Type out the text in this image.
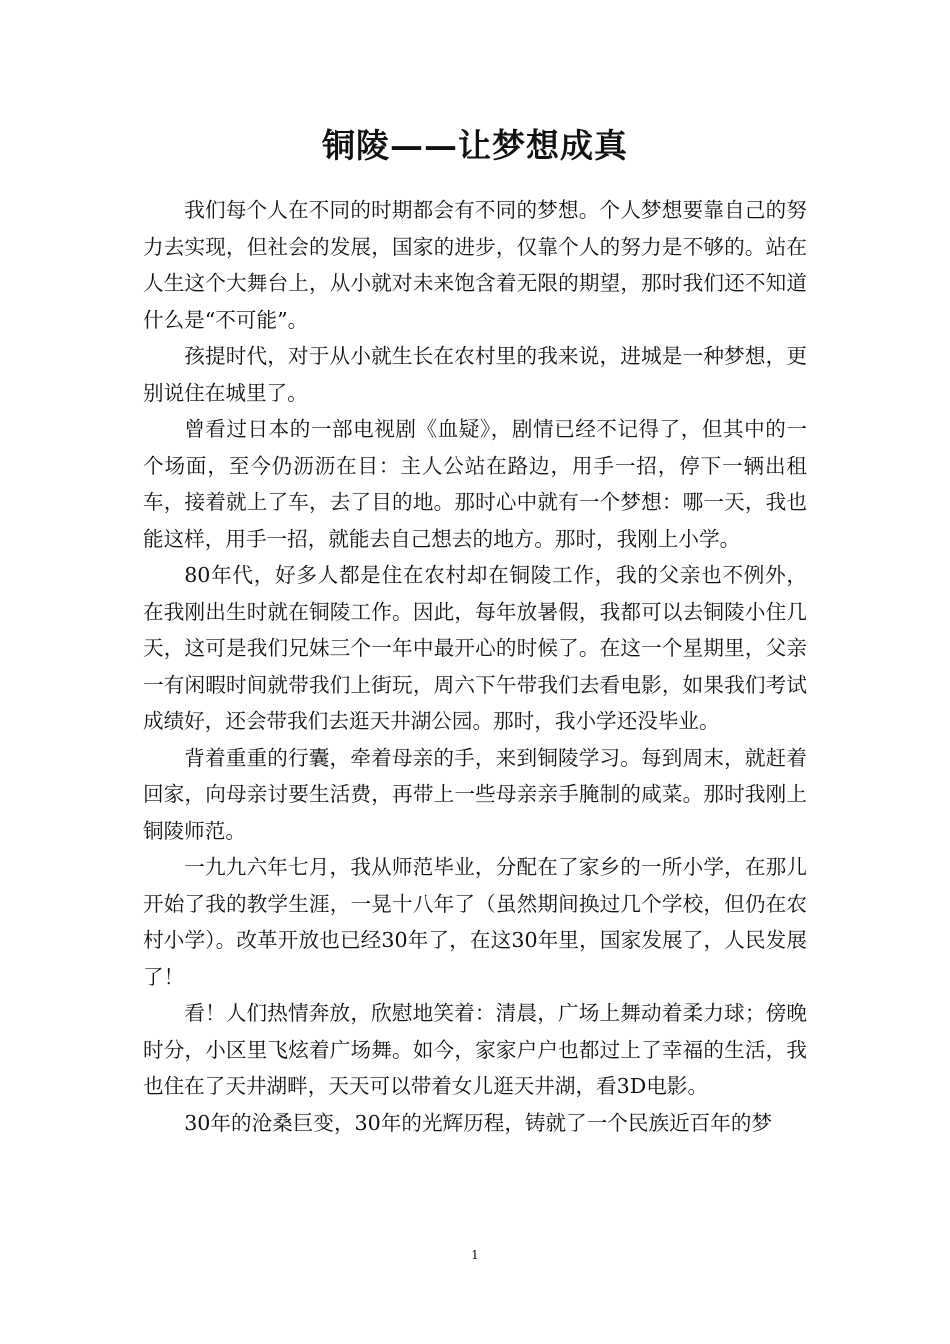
铜陵——让梦想成真

我们每个人在不同的时期都会有不同的梦想。个人梦想要靠自己的努力去实现，但社会的发展，国家的进步，仅靠个人的努力是不够的。站在人生这个大舞台上，从小就对未来饱含着无限的期望，那时我们还不知道什么是“不可能”。

孩提时代，对于从小就生长在农村里的我来说，进城是一种梦想，更别说住在城里了。

曾看过日本的一部电视剧《血疑》，剧情已经不记得了，但其中的一个场面，至今仍沥沥在目：主人公站在路边，用手一招，停下一辆出租车，接着就上了车，去了目的地。那时心中就有一个梦想：哪一天，我也能这样，用手一招，就能去自己想去的地方。那时，我刚上小学。

80年代，好多人都是住在农村却在铜陵工作，我的父亲也不例外，在我刚出生时就在铜陵工作。因此，每年放暑假，我都可以去铜陵小住几天，这可是我们兄妹三个一年中最开心的时候了。在这一个星期里，父亲一有闲暇时间就带我们上街玩，周六下午带我们去看电影，如果我们考试成绩好，还会带我们去逛天井湖公园。那时，我小学还没毕业。

背着重重的行囊，牵着母亲的手，来到铜陵学习。每到周末，就赶着回家，向母亲讨要生活费，再带上一些母亲亲手腌制的咸菜。那时我刚上铜陵师范。

一九九六年七月，我从师范毕业，分配在了家乡的一所小学，在那儿开始了我的教学生涯，一晃十八年了（虽然期间换过几个学校，但仍在农村小学）。改革开放也已经30年了，在这30年里，国家发展了，人民发展了！

看！人们热情奔放，欣慰地笑着：清晨，广场上舞动着柔力球；傍晚时分，小区里飞炫着广场舞。如今，家家户户也都过上了幸福的生活，我也住在了天井湖畔，天天可以带着女儿逛天井湖，看3D电影。

30年的沧桑巨变，30年的光辉历程，铸就了一个民族近百年的梦

1
